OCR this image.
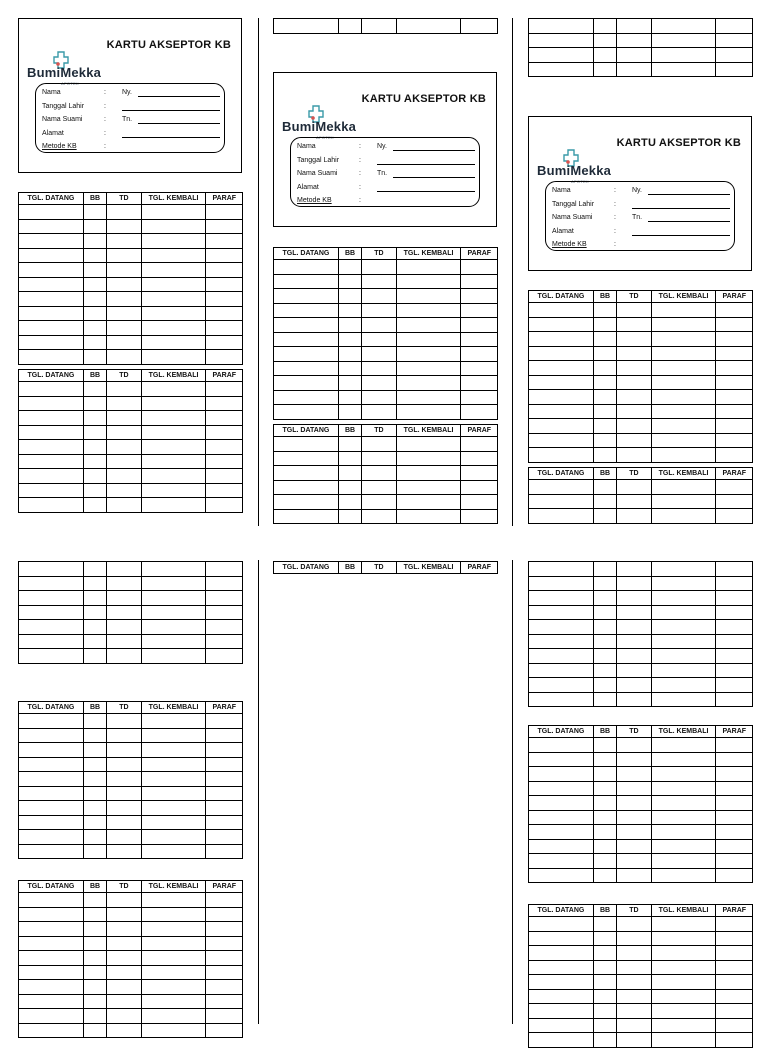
KARTU AKSEPTOR KB
BumiMekka
APOTEK
Nama	: Ny.
Tanggal Lahir	:
Nama Suami	: Tn.
Alamat	:
Metode KB	:
TGL. DATANG	BB	TD	TGL. KEMBALI	PARAF

TGL. DATANG	BB	TD	TGL. KEMBALI	PARAF

TGL. DATANG	BB	TD	TGL. KEMBALI	PARAF

TGL. DATANG	BB	TD	TGL. KEMBALI	PARAF

KARTU AKSEPTOR KB
BumiMekka
APOTEK
Nama	: Ny.
Tanggal Lahir	:
Nama Suami	: Tn.
Alamat	:
Metode KB	:
TGL. DATANG	BB	TD	TGL. KEMBALI	PARAF

TGL. DATANG	BB	TD	TGL. KEMBALI	PARAF

TGL. DATANG	BB	TD	TGL. KEMBALI	PARAF

KARTU AKSEPTOR KB
BumiMekka
APOTEK
Nama	: Ny.
Tanggal Lahir	:
Nama Suami	: Tn.
Alamat	:
Metode KB	:
TGL. DATANG	BB	TD	TGL. KEMBALI	PARAF

TGL. DATANG	BB	TD	TGL. KEMBALI	PARAF

TGL. DATANG	BB	TD	TGL. KEMBALI	PARAF

TGL. DATANG	BB	TD	TGL. KEMBALI	PARAF
